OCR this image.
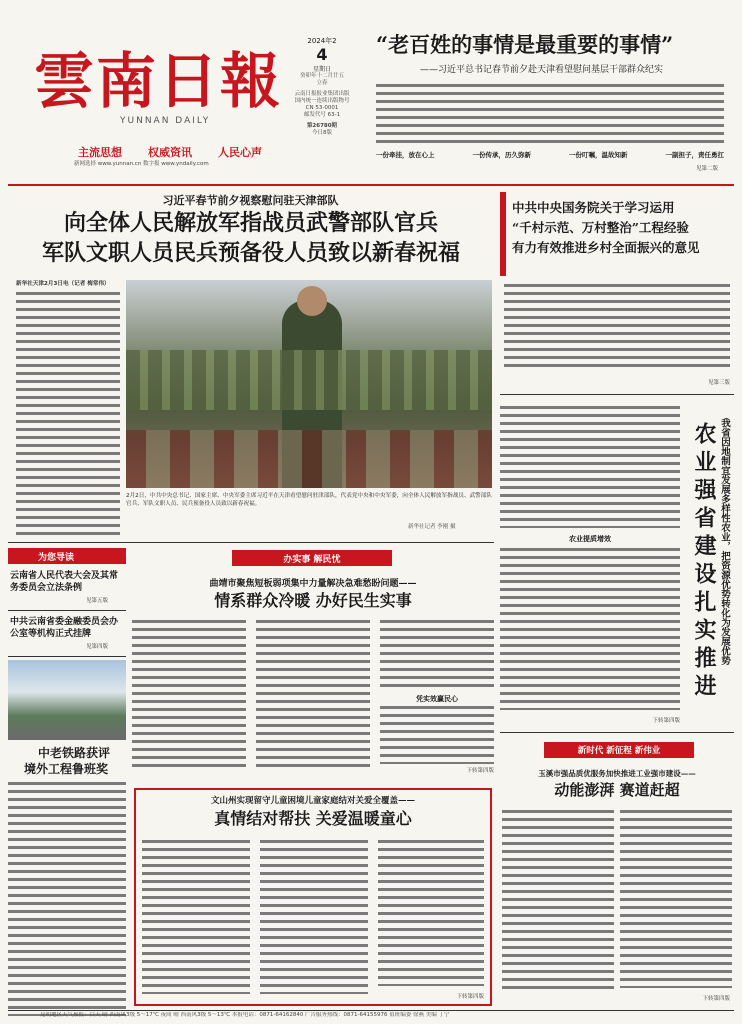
雲南日報
YUNNAN DAILY
主流思想 权威资讯 人民心声
新网选择 www.yunnan.cn 数字报 www.yndaily.com
2024年2
4
星期日
癸卯年十二月廿五
立春
云南日报报业集团出版
国内统一连续出版物号
CN 53-0001
邮发代号 63-1
第26780期
今日8版
“老百姓的事情是最重要的事情”
——习近平总书记春节前夕赴天津看望慰问基层干部群众纪实
一份牵挂，放在心上	一份传承，历久弥新	一份叮嘱，温故知新	一副担子，责任勇扛
见第二版
习近平春节前夕视察慰问驻天津部队
向全体人民解放军指战员武警部队官兵
军队文职人员民兵预备役人员致以新春祝福
新华社天津2月3日电（记者 梅常伟）
2月2日，中共中央总书记、国家主席、中央军委主席习近平在天津看望慰问驻津部队，代表党中央和中央军委，向全体人民解放军指战员、武警部队官兵、军队文职人员、民兵预备役人员致以新春祝福。
新华社记者 李刚 摄
中共中央国务院关于学习运用
“千村示范、万村整治”工程经验
有力有效推进乡村全面振兴的意见
见第三版
农业提质增效
下转第四版
农业强省建设扎实推进 我省因地制宜发展多样性农业，把资源优势转化为发展优势
为您导读
云南省人民代表大会及其常务委员会立法条例
见第五版
中共云南省委金融委员会办公室等机构正式挂牌
见第四版
中老铁路获评
境外工程鲁班奖
办实事 解民忧
曲靖市聚焦短板弱项集中力量解决急难愁盼问题——
情系群众冷暖 办好民生实事
凭实效赢民心
下转第四版
文山州实现留守儿童困境儿童家庭结对关爱全覆盖——
真情结对帮扶 关爱温暖童心
下转第四版
新时代 新征程 新伟业
玉溪市强品质优服务加快推进工业强市建设——
动能澎湃 赛道赶超
下转第四版
昆明地区天气预报：白天 晴 西南风3级 5～17℃ 夜间 晴 西南风3级 5～13℃ 本报电话：0871-64162840 广告服务热线：0871-64155976 值班编委 徐燕 美编 丁宁
